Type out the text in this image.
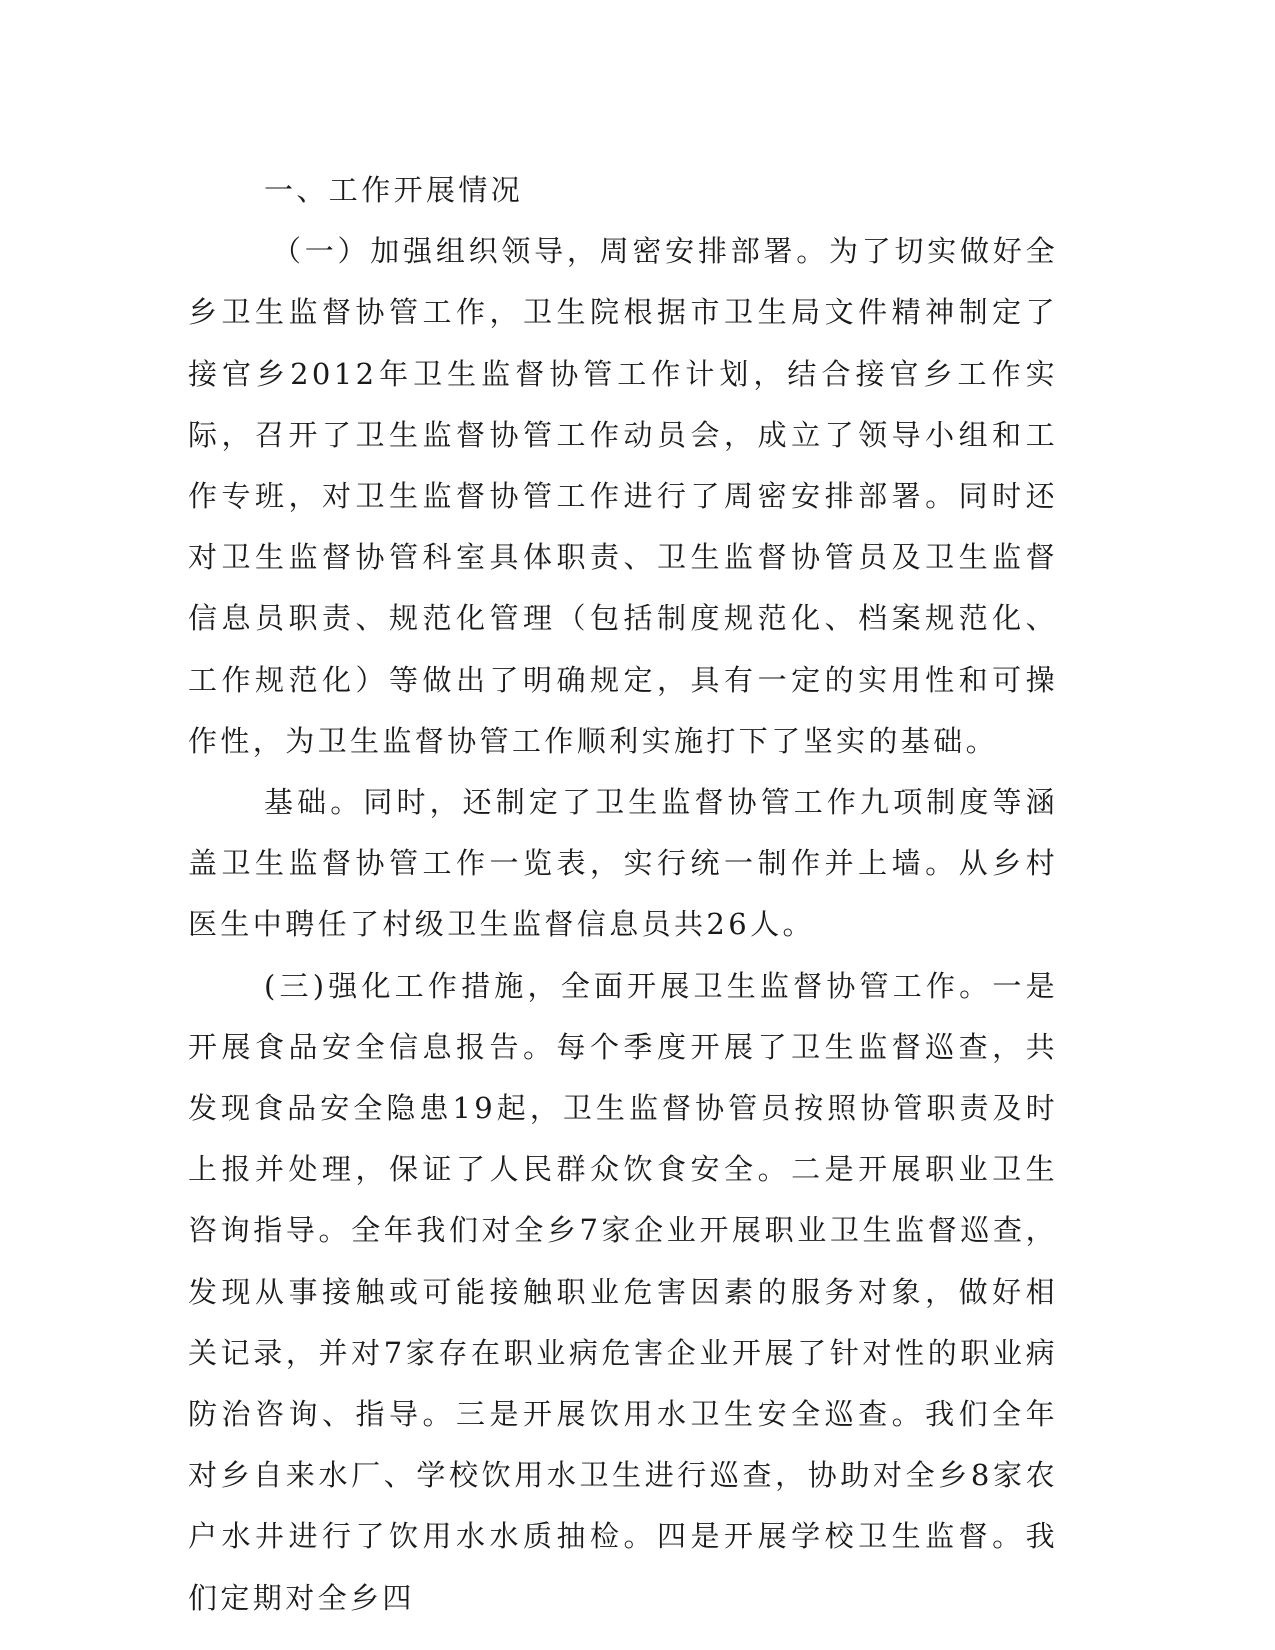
一、工作开展情况

（一）加强组织领导，周密安排部署。为了切实做好全乡卫生监督协管工作，卫生院根据市卫生局文件精神制定了接官乡2012年卫生监督协管工作计划，结合接官乡工作实际，召开了卫生监督协管工作动员会，成立了领导小组和工作专班，对卫生监督协管工作进行了周密安排部署。同时还对卫生监督协管科室具体职责、卫生监督协管员及卫生监督信息员职责、规范化管理（包括制度规范化、档案规范化、工作规范化）等做出了明确规定，具有一定的实用性和可操作性，为卫生监督协管工作顺利实施打下了坚实的基础。

基础。同时，还制定了卫生监督协管工作九项制度等涵盖卫生监督协管工作一览表，实行统一制作并上墙。从乡村医生中聘任了村级卫生监督信息员共26人。

(三)强化工作措施，全面开展卫生监督协管工作。一是开展食品安全信息报告。每个季度开展了卫生监督巡查，共发现食品安全隐患19起，卫生监督协管员按照协管职责及时上报并处理，保证了人民群众饮食安全。二是开展职业卫生咨询指导。全年我们对全乡7家企业开展职业卫生监督巡查，发现从事接触或可能接触职业危害因素的服务对象，做好相关记录，并对7家存在职业病危害企业开展了针对性的职业病防治咨询、指导。三是开展饮用水卫生安全巡查。我们全年对乡自来水厂、学校饮用水卫生进行巡查，协助对全乡8家农户水井进行了饮用水水质抽检。四是开展学校卫生监督。我们定期对全乡四
